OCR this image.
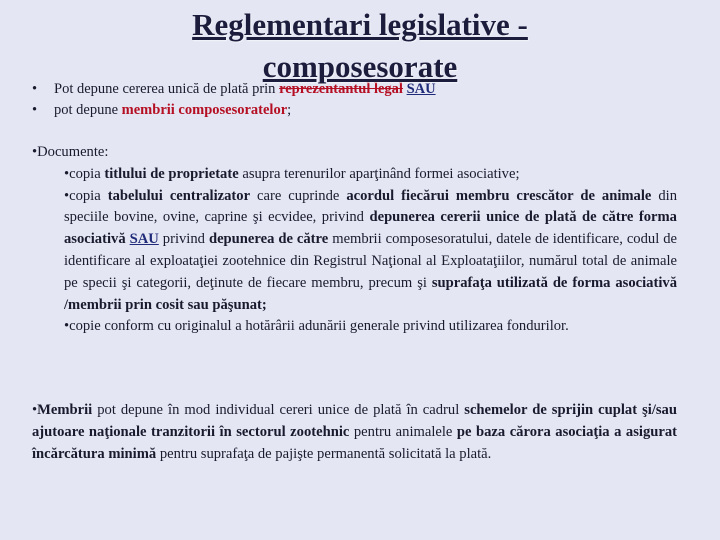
Reglementari legislative -
• Pot depune cererea unică de plată prin reprezentantul legal SAU
composesorate
• pot depune membrii composesoratelor;
•Documente:
•copia titlului de proprietate asupra terenurilor aparţinând formei asociative;
•copia tabelului centralizator care cuprinde acordul fiecărui membru crescător de animale din speciile bovine, ovine, caprine şi ecvidee, privind depunerea cererii unice de plată de către forma asociativă SAU privind depunerea de către membrii composesoratului, datele de identificare, codul de identificare al exploataţiei zootehnice din Registrul Naţional al Exploataţiilor, numărul total de animale pe specii şi categorii, deţinute de fiecare membru, precum şi suprafaţa utilizată de forma asociativă /membrii prin cosit sau păşunat;
•copie conform cu originalul a hotărârii adunării generale privind utilizarea fondurilor.
•Membrii pot depune în mod individual cereri unice de plată în cadrul schemelor de sprijin cuplat şi/sau ajutoare naţionale tranzitorii în sectorul zootehnic pentru animalele pe baza cărora asociaţia a asigurat încărcătura minimă pentru suprafaţa de pajişte permanentă solicitată la plată.
